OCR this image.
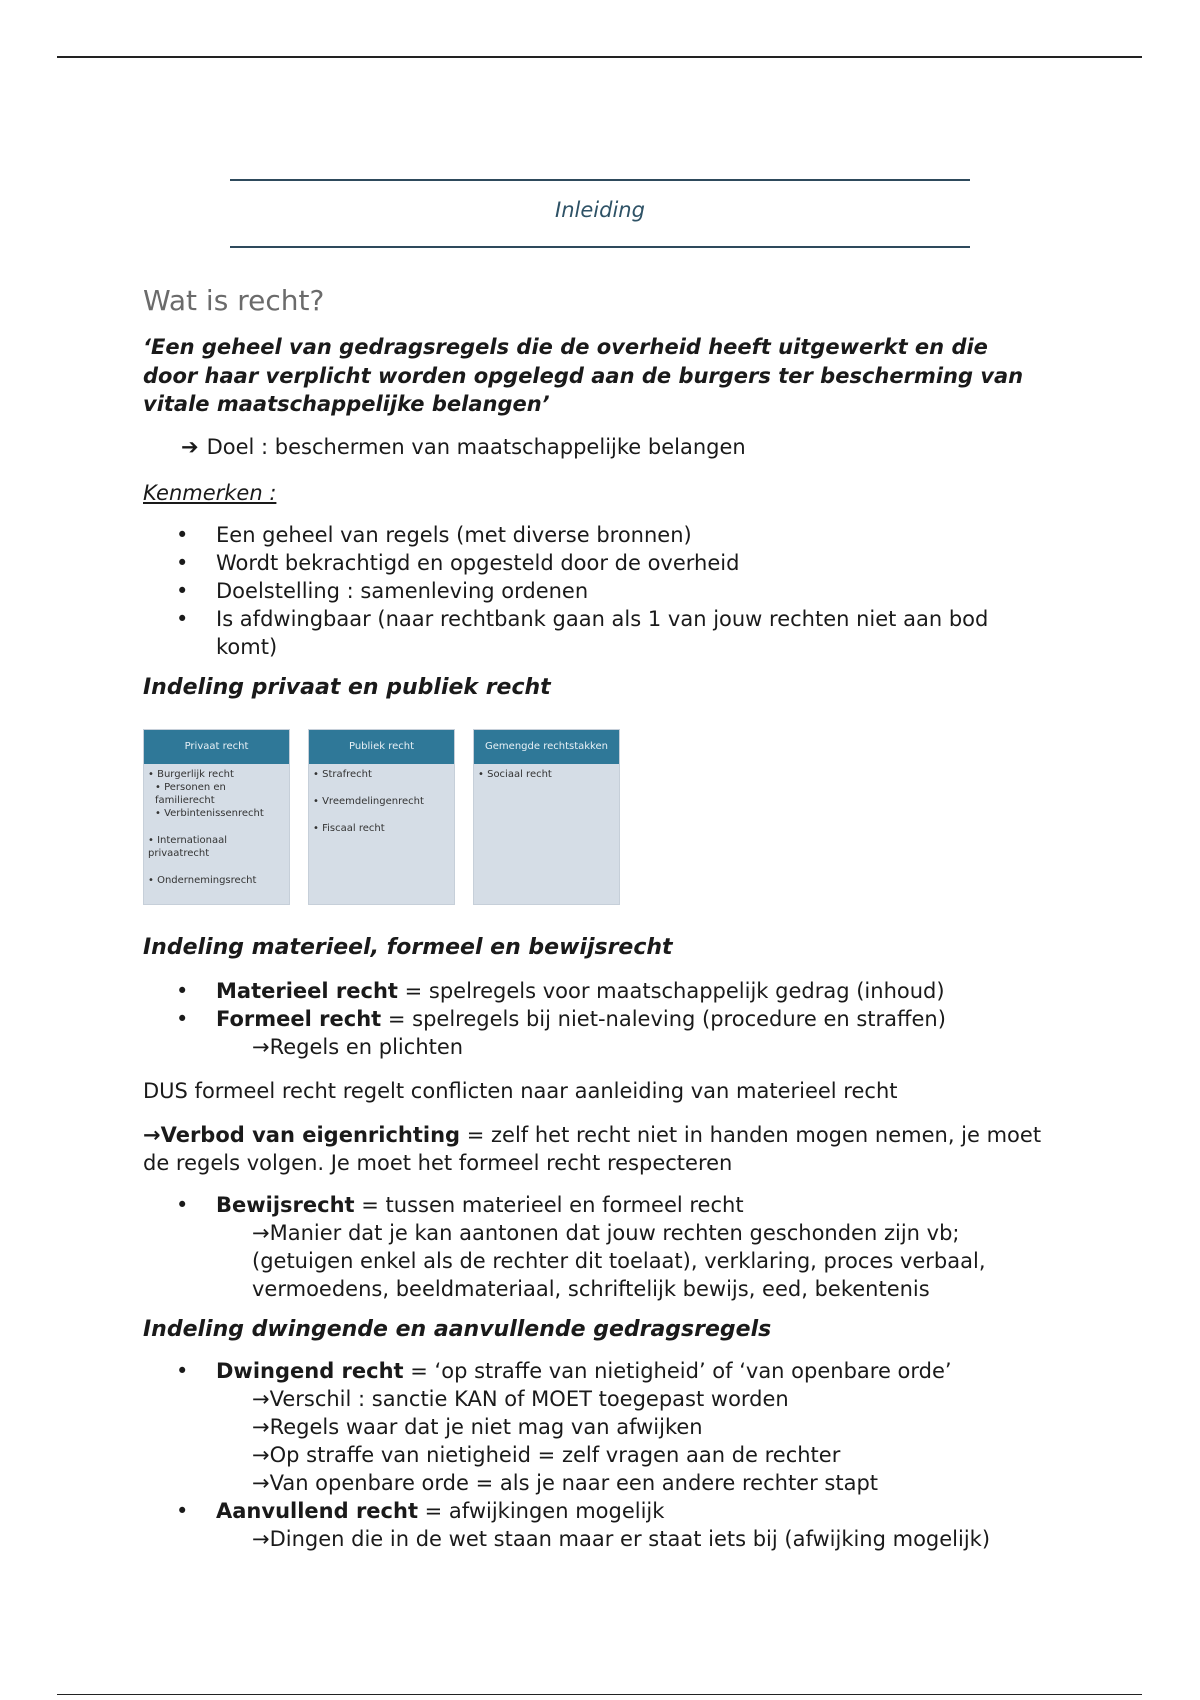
Inleiding
Wat is recht?

‘Een geheel van gedragsregels die de overheid heeft uitgewerkt en die door haar verplicht worden opgelegd aan de burgers ter bescherming van vitale maatschappelijke belangen’

➔ Doel : beschermen van maatschappelijke belangen

Kenmerken :

• Een geheel van regels (met diverse bronnen)
• Wordt bekrachtigd en opgesteld door de overheid
• Doelstelling : samenleving ordenen
• Is afdwingbaar (naar rechtbank gaan als 1 van jouw rechten niet aan bod komt)

Indeling privaat en publiek recht

Privaat recht
• Burgerlijk recht
• Personen en familierecht
• Verbintenissenrecht
• Internationaal privaatrecht
• Ondernemingsrecht
Publiek recht
• Strafrecht
• Vreemdelingenrecht
• Fiscaal recht
Gemengde rechtstakken
• Sociaal recht

Indeling materieel, formeel en bewijsrecht

• Materieel recht = spelregels voor maatschappelijk gedrag (inhoud)
• Formeel recht = spelregels bij niet-naleving (procedure en straffen)

→Regels en plichten

DUS formeel recht regelt conflicten naar aanleiding van materieel recht

→Verbod van eigenrichting = zelf het recht niet in handen mogen nemen, je moet de regels volgen. Je moet het formeel recht respecteren

• Bewijsrecht = tussen materieel en formeel recht

→Manier dat je kan aantonen dat jouw rechten geschonden zijn vb; (getuigen enkel als de rechter dit toelaat), verklaring, proces verbaal, vermoedens, beeldmateriaal, schriftelijk bewijs, eed, bekentenis

Indeling dwingende en aanvullende gedragsregels

• Dwingend recht = ‘op straffe van nietigheid’ of ‘van openbare orde’

→Verschil : sanctie KAN of MOET toegepast worden

→Regels waar dat je niet mag van afwijken

→Op straffe van nietigheid = zelf vragen aan de rechter

→Van openbare orde = als je naar een andere rechter stapt

• Aanvullend recht = afwijkingen mogelijk

→Dingen die in de wet staan maar er staat iets bij (afwijking mogelijk)
